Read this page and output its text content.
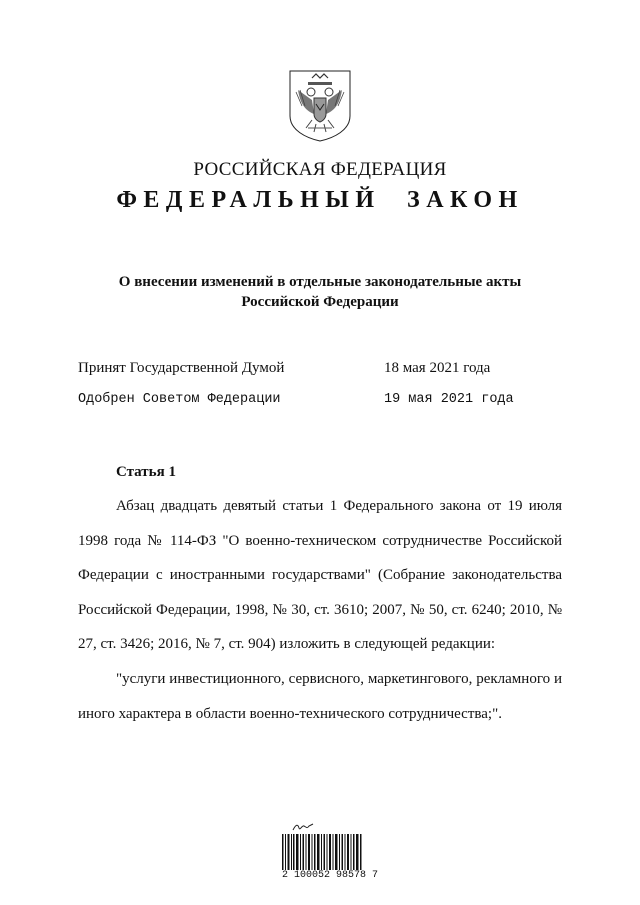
РОССИЙСКАЯ ФЕДЕРАЦИЯ
ФЕДЕРАЛЬНЫЙ ЗАКОН
О внесении изменений в отдельные законодательные акты Российской Федерации
Принят Государственной Думой	18 мая 2021 года
Одобрен Советом Федерации	19 мая 2021 года
Статья 1

Абзац двадцать девятый статьи 1 Федерального закона от 19 июля 1998 года № 114-ФЗ "О военно-техническом сотрудничестве Российской Федерации с иностранными государствами" (Собрание законодательства Российской Федерации, 1998, № 30, ст. 3610; 2007, № 50, ст. 6240; 2010, № 27, ст. 3426; 2016, № 7, ст. 904) изложить в следующей редакции:

"услуги инвестиционного, сервисного, маркетингового, рекламного и иного характера в области военно-технического сотрудничества;".

2 100052 98578 7
